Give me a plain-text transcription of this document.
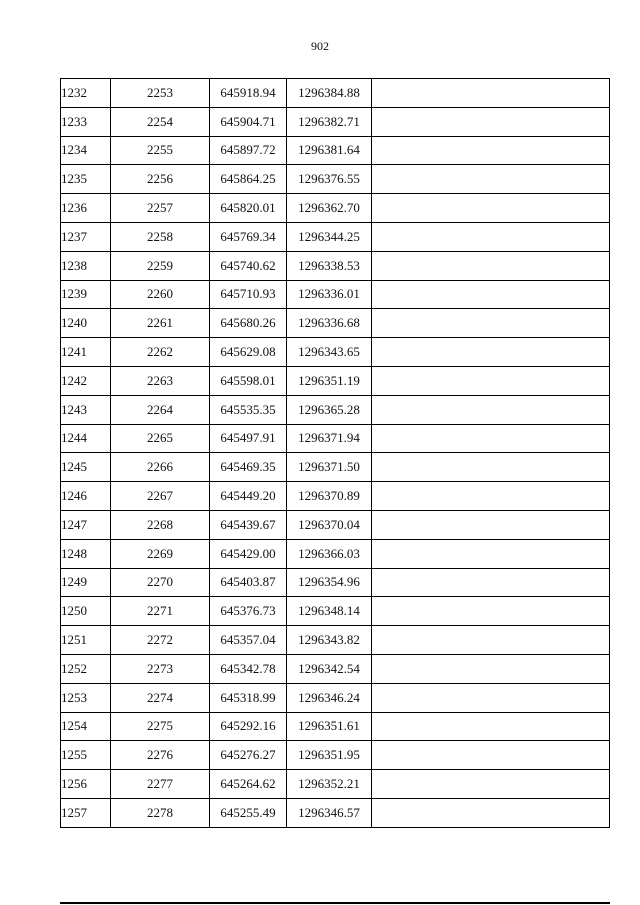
902
1232	2253	645918.94	1296384.88	
1233	2254	645904.71	1296382.71	
1234	2255	645897.72	1296381.64	
1235	2256	645864.25	1296376.55	
1236	2257	645820.01	1296362.70	
1237	2258	645769.34	1296344.25	
1238	2259	645740.62	1296338.53	
1239	2260	645710.93	1296336.01	
1240	2261	645680.26	1296336.68	
1241	2262	645629.08	1296343.65	
1242	2263	645598.01	1296351.19	
1243	2264	645535.35	1296365.28	
1244	2265	645497.91	1296371.94	
1245	2266	645469.35	1296371.50	
1246	2267	645449.20	1296370.89	
1247	2268	645439.67	1296370.04	
1248	2269	645429.00	1296366.03	
1249	2270	645403.87	1296354.96	
1250	2271	645376.73	1296348.14	
1251	2272	645357.04	1296343.82	
1252	2273	645342.78	1296342.54	
1253	2274	645318.99	1296346.24	
1254	2275	645292.16	1296351.61	
1255	2276	645276.27	1296351.95	
1256	2277	645264.62	1296352.21	
1257	2278	645255.49	1296346.57	
